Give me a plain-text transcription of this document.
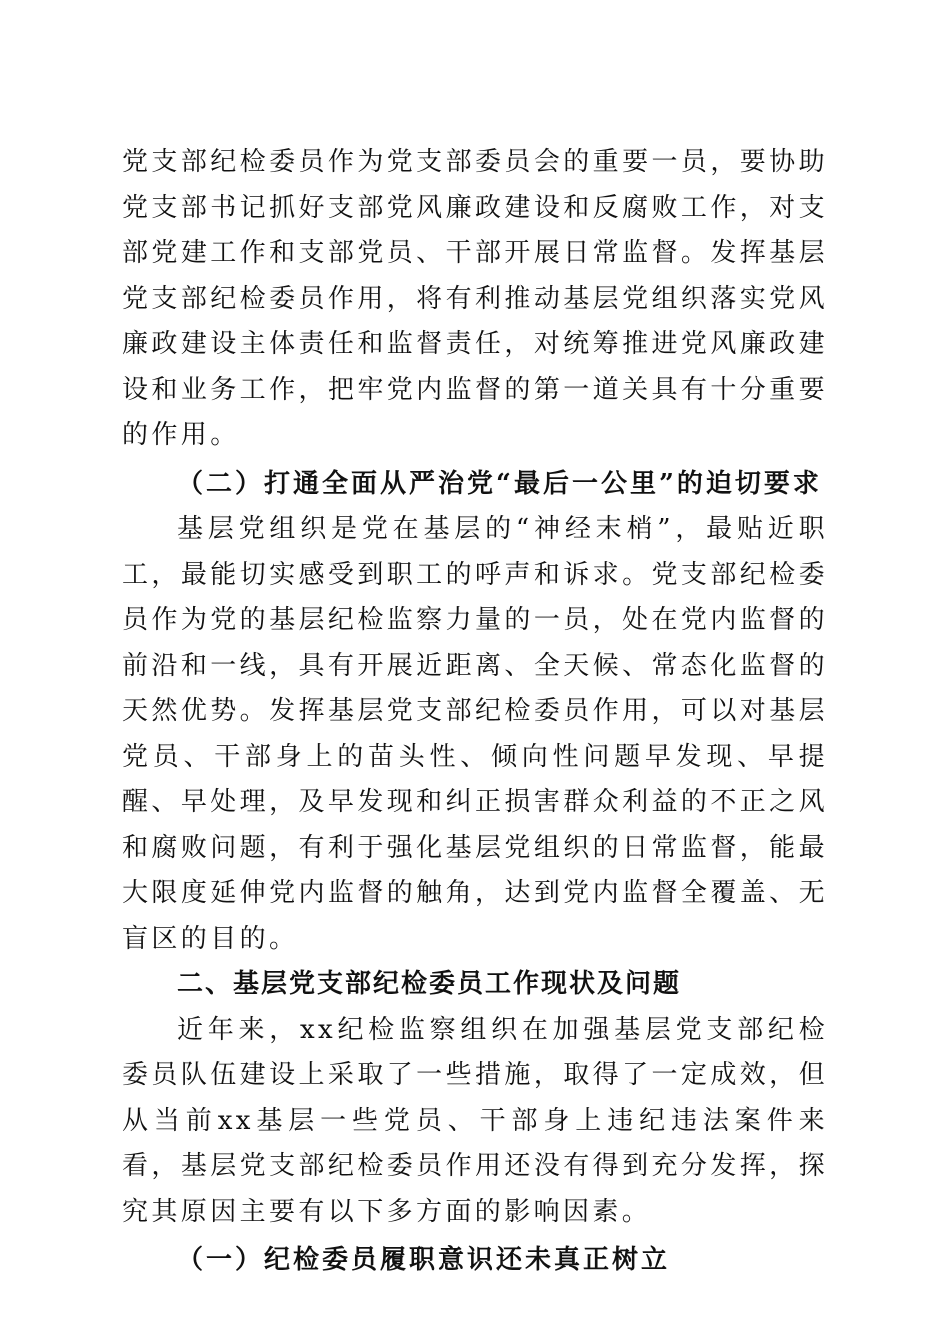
党支部纪检委员作为党支部委员会的重要一员，要协助党支部书记抓好支部党风廉政建设和反腐败工作，对支部党建工作和支部党员、干部开展日常监督。发挥基层党支部纪检委员作用，将有利推动基层党组织落实党风廉政建设主体责任和监督责任，对统筹推进党风廉政建设和业务工作，把牢党内监督的第一道关具有十分重要的作用。

（二）打通全面从严治党“最后一公里”的迫切要求

基层党组织是党在基层的“神经末梢”，最贴近职工，最能切实感受到职工的呼声和诉求。党支部纪检委员作为党的基层纪检监察力量的一员，处在党内监督的前沿和一线，具有开展近距离、全天候、常态化监督的天然优势。发挥基层党支部纪检委员作用，可以对基层党员、干部身上的苗头性、倾向性问题早发现、早提醒、早处理，及早发现和纠正损害群众利益的不正之风和腐败问题，有利于强化基层党组织的日常监督，能最大限度延伸党内监督的触角，达到党内监督全覆盖、无盲区的目的。

二、基层党支部纪检委员工作现状及问题

近年来，xx纪检监察组织在加强基层党支部纪检委员队伍建设上采取了一些措施，取得了一定成效，但从当前xx基层一些党员、干部身上违纪违法案件来看，基层党支部纪检委员作用还没有得到充分发挥，探究其原因主要有以下多方面的影响因素。

（一）纪检委员履职意识还未真正树立
